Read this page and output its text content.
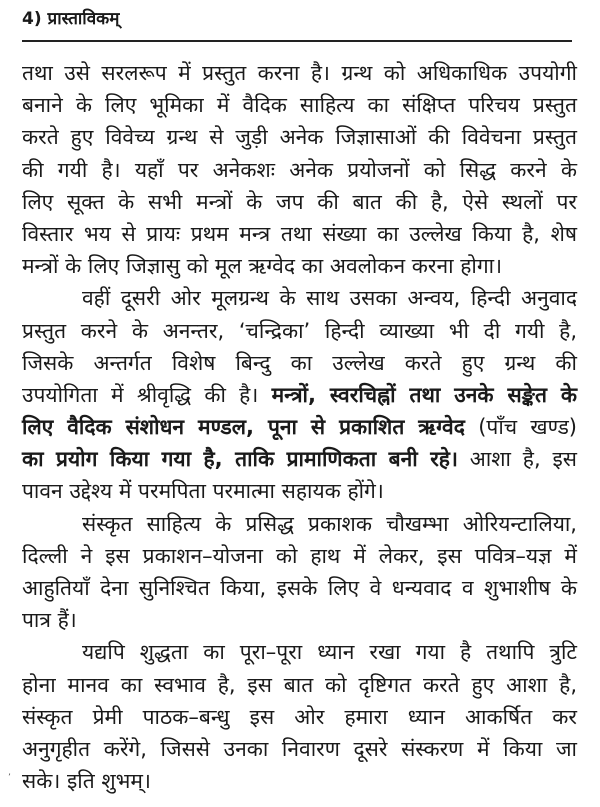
4) प्रास्ताविकम्
तथा उसे सरलरूप में प्रस्तुत करना है। ग्रन्थ को अधिकाधिक उपयोगी
बनाने के लिए भूमिका में वैदिक साहित्य का संक्षिप्त परिचय प्रस्तुत
करते हुए विवेच्य ग्रन्थ से जुड़ी अनेक जिज्ञासाओं की विवेचना प्रस्तुत
की गयी है। यहाँ पर अनेकशः अनेक प्रयोजनों को सिद्ध करने के
लिए सूक्त के सभी मन्त्रों के जप की बात की है, ऐसे स्थलों पर
विस्तार भय से प्रायः प्रथम मन्त्र तथा संख्या का उल्लेख किया है, शेष
मन्त्रों के लिए जिज्ञासु को मूल ऋग्वेद का अवलोकन करना होगा।
वहीं दूसरी ओर मूलग्रन्थ के साथ उसका अन्वय, हिन्दी अनुवाद
प्रस्तुत करने के अनन्तर, ‘चन्द्रिका’ हिन्दी व्याख्या भी दी गयी है,
जिसके अन्तर्गत विशेष बिन्दु का उल्लेख करते हुए ग्रन्थ की
उपयोगिता में श्रीवृद्धि की है। मन्त्रों, स्वरचिह्नों तथा उनके सङ्केत के
लिए वैदिक संशोधन मण्डल, पूना से प्रकाशित ऋग्वेद (पाँच खण्ड)
का प्रयोग किया गया है, ताकि प्रामाणिकता बनी रहे। आशा है, इस
पावन उद्देश्य में परमपिता परमात्मा सहायक होंगे।
संस्कृत साहित्य के प्रसिद्ध प्रकाशक चौखम्भा ओरियन्टालिया,
दिल्ली ने इस प्रकाशन–योजना को हाथ में लेकर, इस पवित्र–यज्ञ में
आहुतियाँ देना सुनिश्चित किया, इसके लिए वे धन्यवाद व शुभाशीष के
पात्र हैं।
यद्यपि शुद्धता का पूरा–पूरा ध्यान रखा गया है तथापि त्रुटि
होना मानव का स्वभाव है, इस बात को दृष्टिगत करते हुए आशा है,
संस्कृत प्रेमी पाठक–बन्धु इस ओर हमारा ध्यान आकर्षित कर
अनुगृहीत करेंगे, जिससे उनका निवारण दूसरे संस्करण में किया जा
सके। इति शुभम्।
ʼ
